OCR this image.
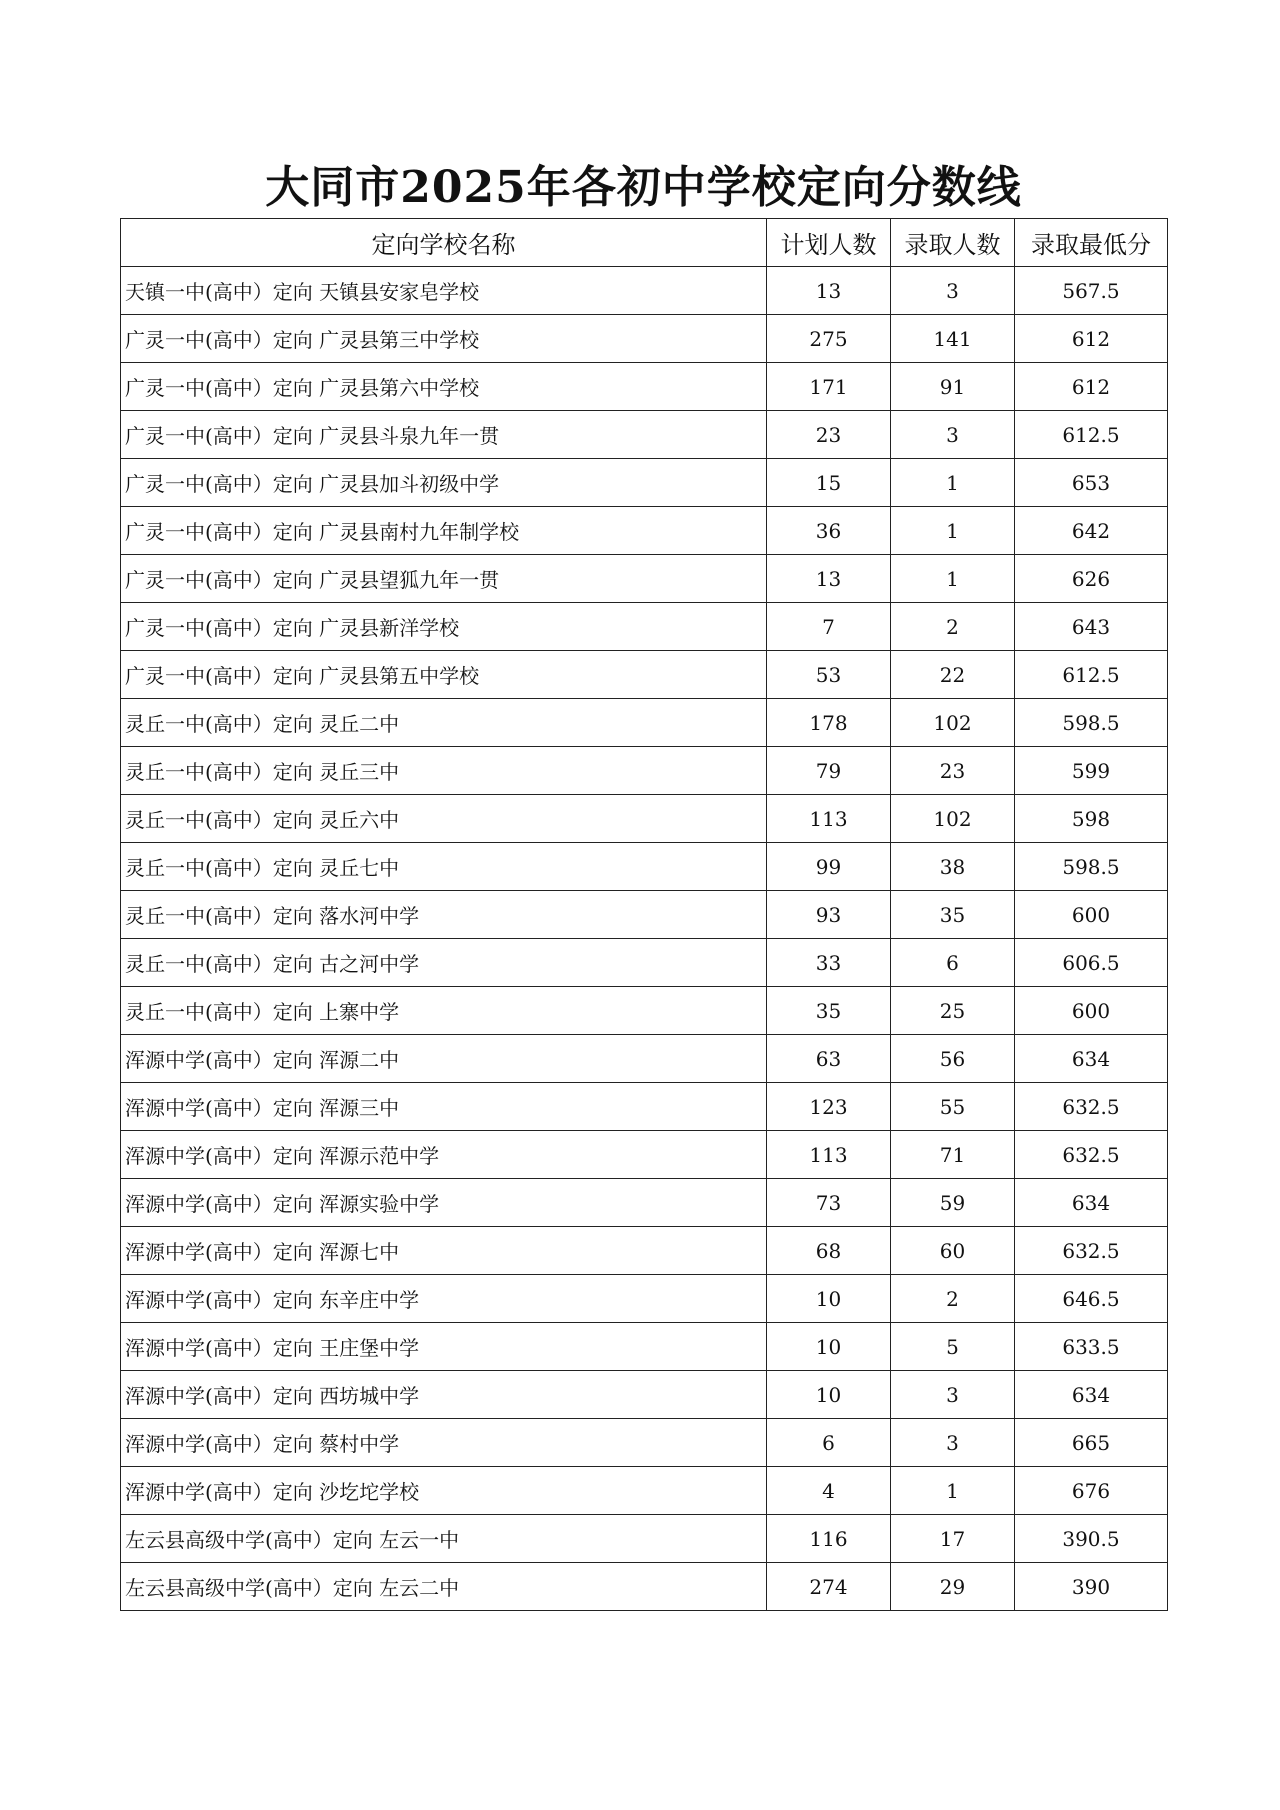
大同市2025年各初中学校定向分数线
定向学校名称	计划人数	录取人数	录取最低分
天镇一中(高中）定向 天镇县安家皂学校	13	3	567.5
广灵一中(高中）定向 广灵县第三中学校	275	141	612
广灵一中(高中）定向 广灵县第六中学校	171	91	612
广灵一中(高中）定向 广灵县斗泉九年一贯	23	3	612.5
广灵一中(高中）定向 广灵县加斗初级中学	15	1	653
广灵一中(高中）定向 广灵县南村九年制学校	36	1	642
广灵一中(高中）定向 广灵县望狐九年一贯	13	1	626
广灵一中(高中）定向 广灵县新洋学校	7	2	643
广灵一中(高中）定向 广灵县第五中学校	53	22	612.5
灵丘一中(高中）定向 灵丘二中	178	102	598.5
灵丘一中(高中）定向 灵丘三中	79	23	599
灵丘一中(高中）定向 灵丘六中	113	102	598
灵丘一中(高中）定向 灵丘七中	99	38	598.5
灵丘一中(高中）定向 落水河中学	93	35	600
灵丘一中(高中）定向 古之河中学	33	6	606.5
灵丘一中(高中）定向 上寨中学	35	25	600
浑源中学(高中）定向 浑源二中	63	56	634
浑源中学(高中）定向 浑源三中	123	55	632.5
浑源中学(高中）定向 浑源示范中学	113	71	632.5
浑源中学(高中）定向 浑源实验中学	73	59	634
浑源中学(高中）定向 浑源七中	68	60	632.5
浑源中学(高中）定向 东辛庄中学	10	2	646.5
浑源中学(高中）定向 王庄堡中学	10	5	633.5
浑源中学(高中）定向 西坊城中学	10	3	634
浑源中学(高中）定向 蔡村中学	6	3	665
浑源中学(高中）定向 沙圪坨学校	4	1	676
左云县高级中学(高中）定向 左云一中	116	17	390.5
左云县高级中学(高中）定向 左云二中	274	29	390
